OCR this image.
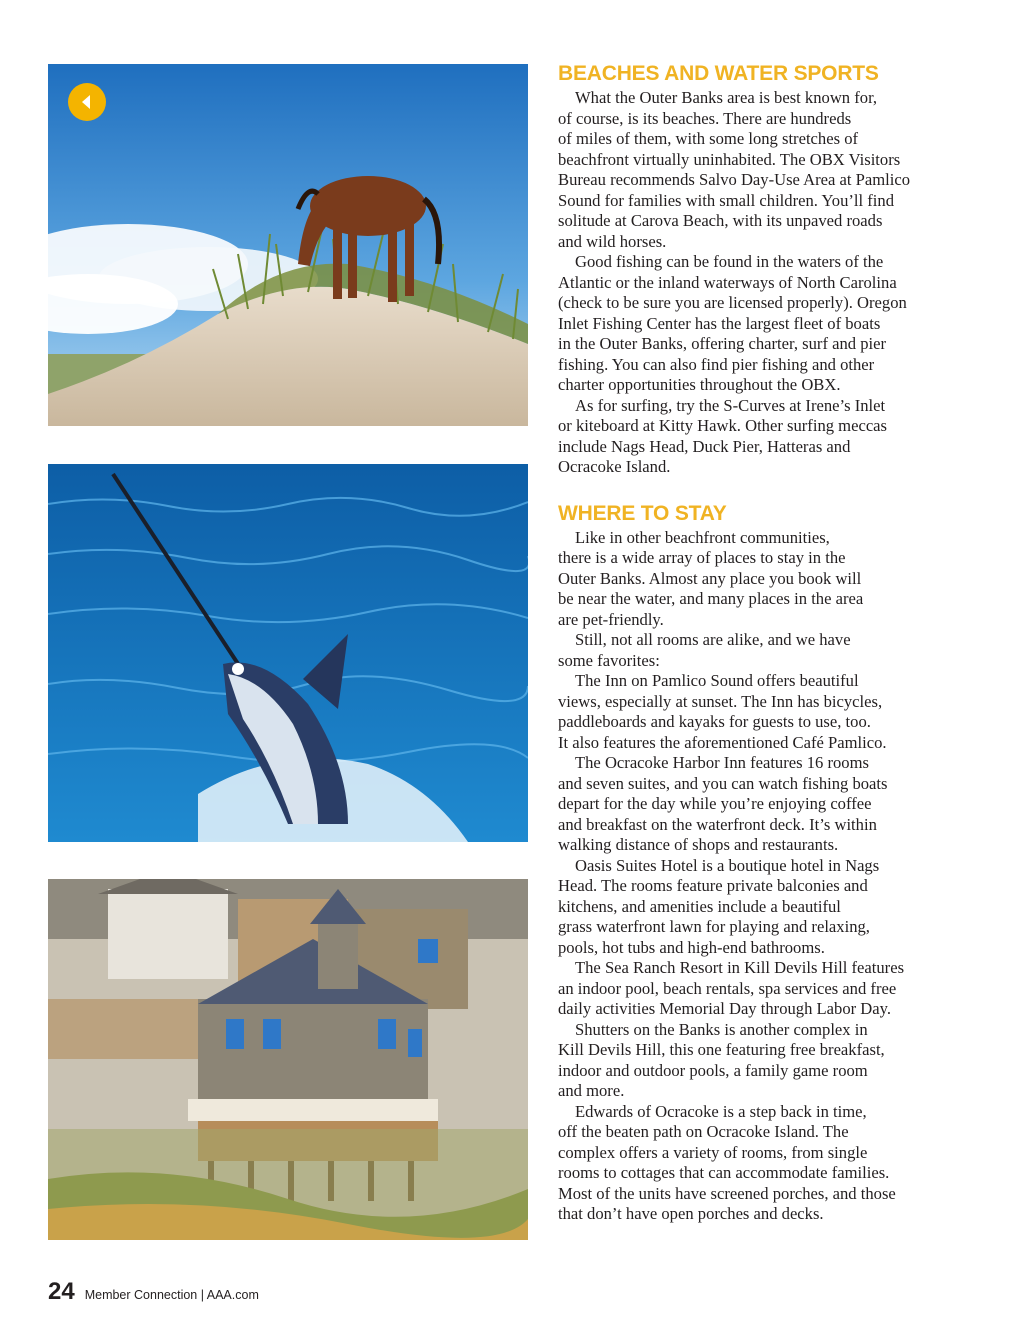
BEACHES AND WATER SPORTS

What the Outer Banks area is best known for,
of course, is its beaches. There are hundreds
of miles of them, with some long stretches of
beachfront virtually uninhabited. The OBX Visitors
Bureau recommends Salvo Day-Use Area at Pamlico
Sound for families with small children. You’ll find
solitude at Carova Beach, with its unpaved roads
and wild horses.

Good fishing can be found in the waters of the
Atlantic or the inland waterways of North Carolina
(check to be sure you are licensed properly). Oregon
Inlet Fishing Center has the largest fleet of boats
in the Outer Banks, offering charter, surf and pier
fishing. You can also find pier fishing and other
charter opportunities throughout the OBX.

As for surfing, try the S-Curves at Irene’s Inlet
or kiteboard at Kitty Hawk. Other surfing meccas
include Nags Head, Duck Pier, Hatteras and
Ocracoke Island.

WHERE TO STAY

Like in other beachfront communities,
there is a wide array of places to stay in the
Outer Banks. Almost any place you book will
be near the water, and many places in the area
are pet-friendly.

Still, not all rooms are alike, and we have
some favorites:

The Inn on Pamlico Sound offers beautiful
views, especially at sunset. The Inn has bicycles,
paddleboards and kayaks for guests to use, too.
It also features the aforementioned Café Pamlico.

The Ocracoke Harbor Inn features 16 rooms
and seven suites, and you can watch fishing boats
depart for the day while you’re enjoying coffee
and breakfast on the waterfront deck. It’s within
walking distance of shops and restaurants.

Oasis Suites Hotel is a boutique hotel in Nags
Head. The rooms feature private balconies and
kitchens, and amenities include a beautiful
grass waterfront lawn for playing and relaxing,
pools, hot tubs and high-end bathrooms.

The Sea Ranch Resort in Kill Devils Hill features
an indoor pool, beach rentals, spa services and free
daily activities Memorial Day through Labor Day.

Shutters on the Banks is another complex in
Kill Devils Hill, this one featuring free breakfast,
indoor and outdoor pools, a family game room
and more.

Edwards of Ocracoke is a step back in time,
off the beaten path on Ocracoke Island. The
complex offers a variety of rooms, from single
rooms to cottages that can accommodate families.
Most of the units have screened porches, and those
that don’t have open porches and decks.

24 Member Connection | AAA.com
